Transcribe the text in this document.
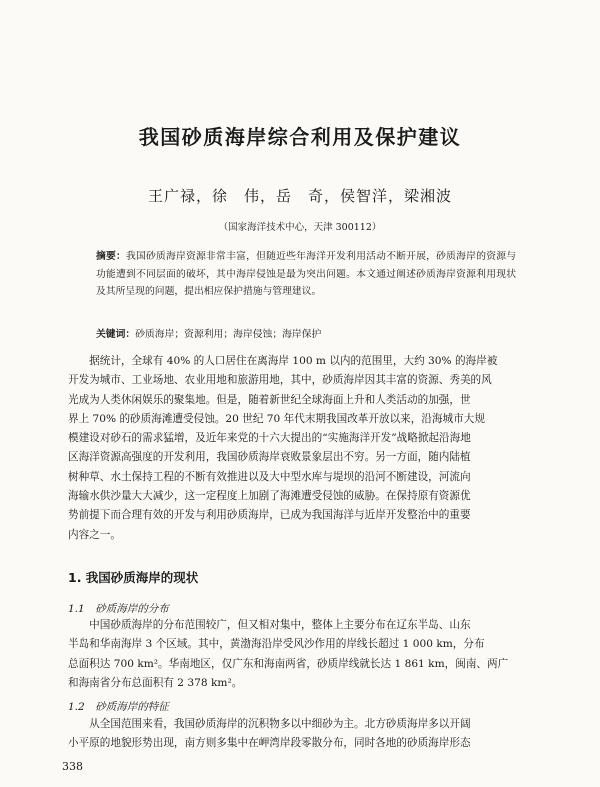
我国砂质海岸综合利用及保护建议
王广禄，徐　伟，岳　奇，侯智洋，梁湘波
（国家海洋技术中心，天津 300112）
摘要：我国砂质海岸资源非常丰富，但随近些年海洋开发利用活动不断开展，砂质海岸的资源与功能遭到不同层面的破坏，其中海岸侵蚀是最为突出问题。本文通过阐述砂质海岸资源利用现状及其所呈现的问题，提出相应保护措施与管理建议。
关键词：砂质海岸；资源利用；海岸侵蚀；海岸保护
　　据统计，全球有 40% 的人口居住在离海岸 100 m 以内的范围里，大约 30% 的海岸被
开发为城市、工业场地、农业用地和旅游用地，其中，砂质海岸因其丰富的资源、秀美的风
光成为人类休闲娱乐的聚集地。但是，随着新世纪全球海面上升和人类活动的加强，世
界上 70% 的砂质海滩遭受侵蚀。20 世纪 70 年代末期我国改革开放以来，沿海城市大规
模建设对砂石的需求猛增，及近年来党的十六大提出的“实施海洋开发”战略掀起沿海地
区海洋资源高强度的开发利用，我国砂质海岸衰败景象层出不穷。另一方面，随内陆植
树种草、水土保持工程的不断有效推进以及大中型水库与堤坝的沿河不断建设，河流向
海输水供沙量大大减少，这一定程度上加剧了海滩遭受侵蚀的威胁。在保持原有资源优
势前提下而合理有效的开发与利用砂质海岸，已成为我国海洋与近岸开发整治中的重要
内容之一。
1. 我国砂质海岸的现状
1.1　砂质海岸的分布
　　中国砂质海岸的分布范围较广，但又相对集中，整体上主要分布在辽东半岛、山东
半岛和华南海岸 3 个区域。其中，黄渤海沿岸受风沙作用的岸线长超过 1 000 km，分布
总面积达 700 km²。华南地区，仅广东和海南两省，砂质岸线就长达 1 861 km，闽南、两广
和海南省分布总面积有 2 378 km²。
1.2　砂质海岸的特征
　　从全国范围来看，我国砂质海岸的沉积物多以中细砂为主。北方砂质海岸多以开阔
小平原的地貌形势出现，南方则多集中在岬湾岸段零散分布，同时各地的砂质海岸形态
338
